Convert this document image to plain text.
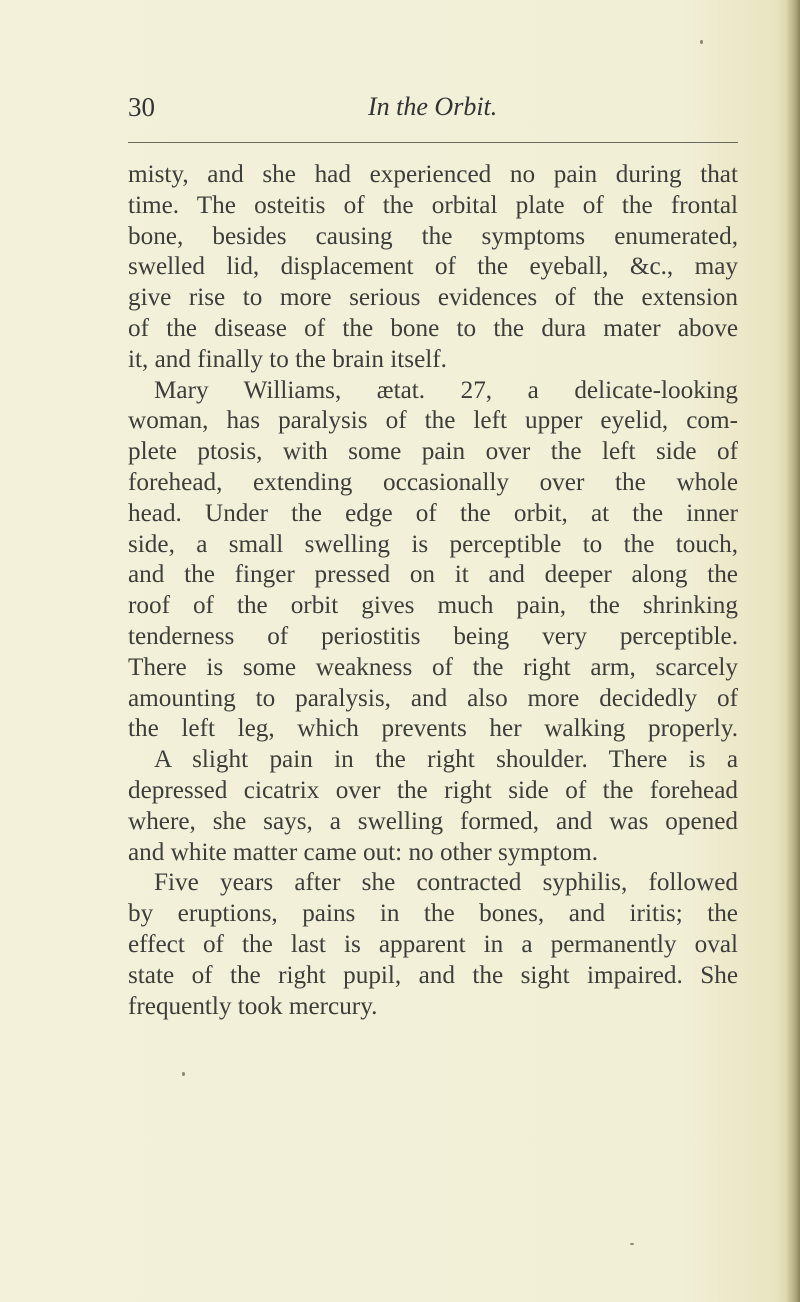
30	In the Orbit.
misty, and she had experienced no pain during that
time. The osteitis of the orbital plate of the frontal
bone, besides causing the symptoms enumerated,
swelled lid, displacement of the eyeball, &c., may
give rise to more serious evidences of the extension
of the disease of the bone to the dura mater above
it, and finally to the brain itself.
Mary Williams, ætat. 27, a delicate-looking
woman, has paralysis of the left upper eyelid, com-
plete ptosis, with some pain over the left side of
forehead, extending occasionally over the whole
head. Under the edge of the orbit, at the inner
side, a small swelling is perceptible to the touch,
and the finger pressed on it and deeper along the
roof of the orbit gives much pain, the shrinking
tenderness of periostitis being very perceptible.
There is some weakness of the right arm, scarcely
amounting to paralysis, and also more decidedly of
the left leg, which prevents her walking properly.
A slight pain in the right shoulder. There is a
depressed cicatrix over the right side of the forehead
where, she says, a swelling formed, and was opened
and white matter came out: no other symptom.
Five years after she contracted syphilis, followed
by eruptions, pains in the bones, and iritis; the
effect of the last is apparent in a permanently oval
state of the right pupil, and the sight impaired. She
frequently took mercury.
